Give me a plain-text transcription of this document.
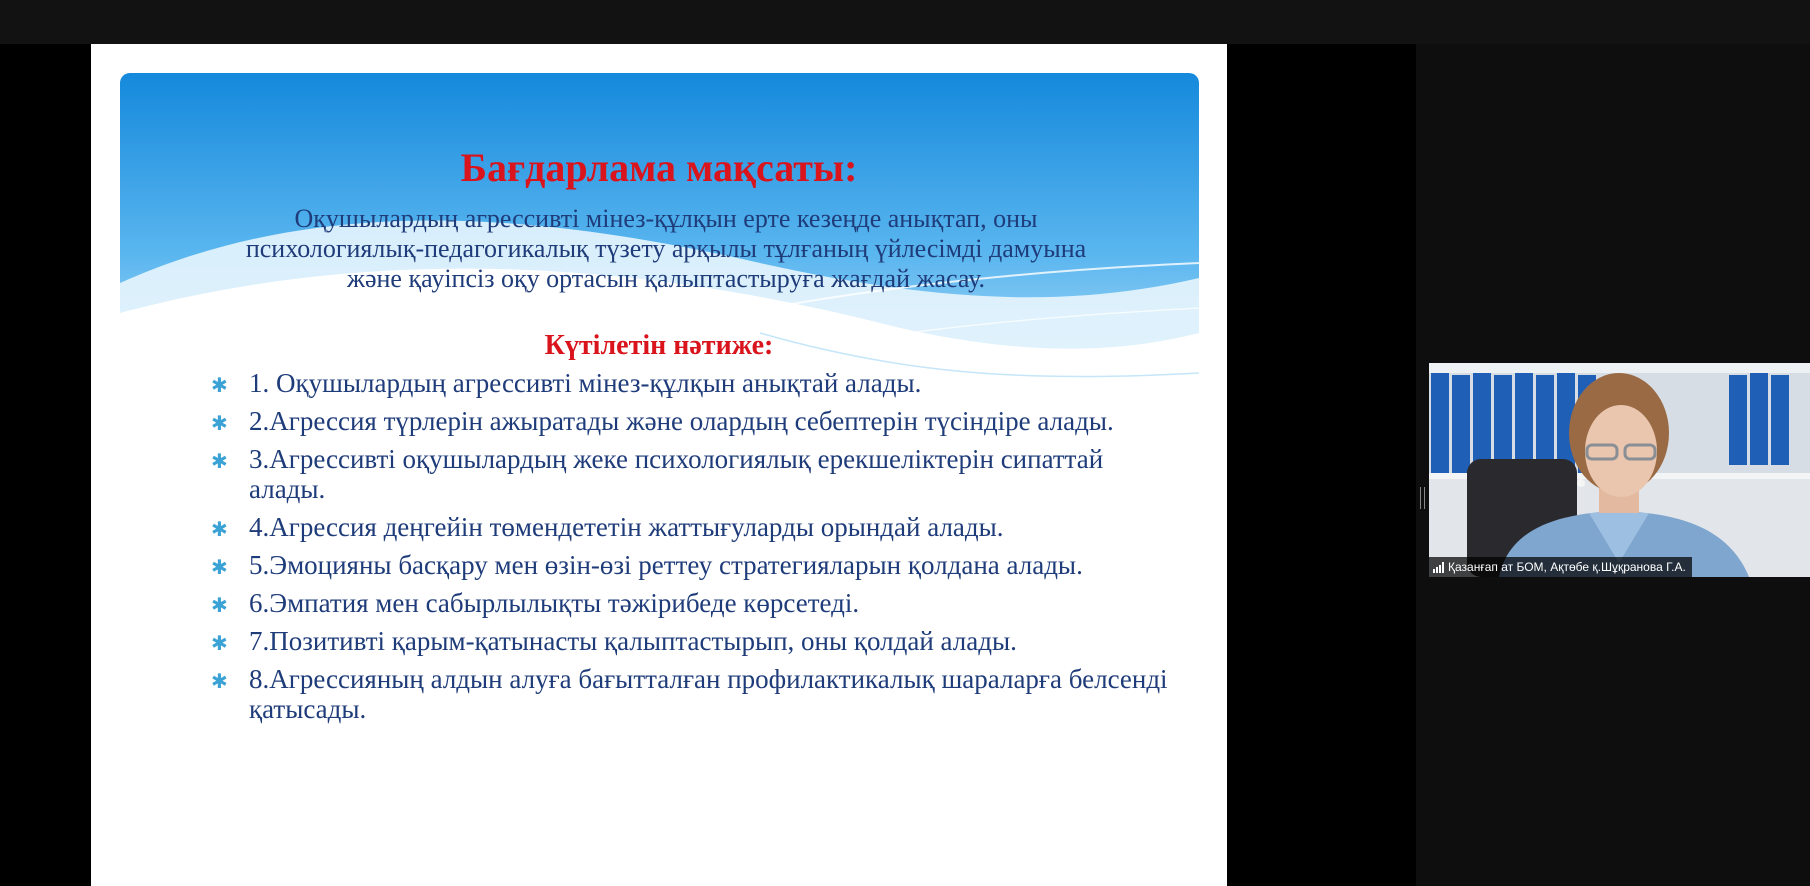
Бағдарлама мақсаты:

Оқушылардың агрессивті мінез-құлқын ерте кезеңде анықтап, оны психологиялық-педагогикалық түзету арқылы тұлғаның үйлесімді дамуына және қауіпсіз оқу ортасын қалыптастыруға жағдай жасау.

Күтілетін нәтиже:
✱ 1. Оқушылардың агрессивті мінез-құлқын анықтай алады.
✱ 2.Агрессия түрлерін ажыратады және олардың себептерін түсіндіре алады.
✱ 3.Агрессивті оқушылардың жеке психологиялық ерекшеліктерін сипаттай алады.
✱ 4.Агрессия деңгейін төмендететін жаттығуларды орындай алады.
✱ 5.Эмоцияны басқару мен өзін-өзі реттеу стратегияларын қолдана алады.
✱ 6.Эмпатия мен сабырлылықты тәжірибеде көрсетеді.
✱ 7.Позитивті қарым-қатынасты қалыптастырып, оны қолдай алады.
✱ 8.Агрессияның алдын алуға бағытталған профилактикалық шараларға белсенді қатысады.
Қазанғап ат БОМ, Ақтөбе қ.Шұқранова Г.А.
